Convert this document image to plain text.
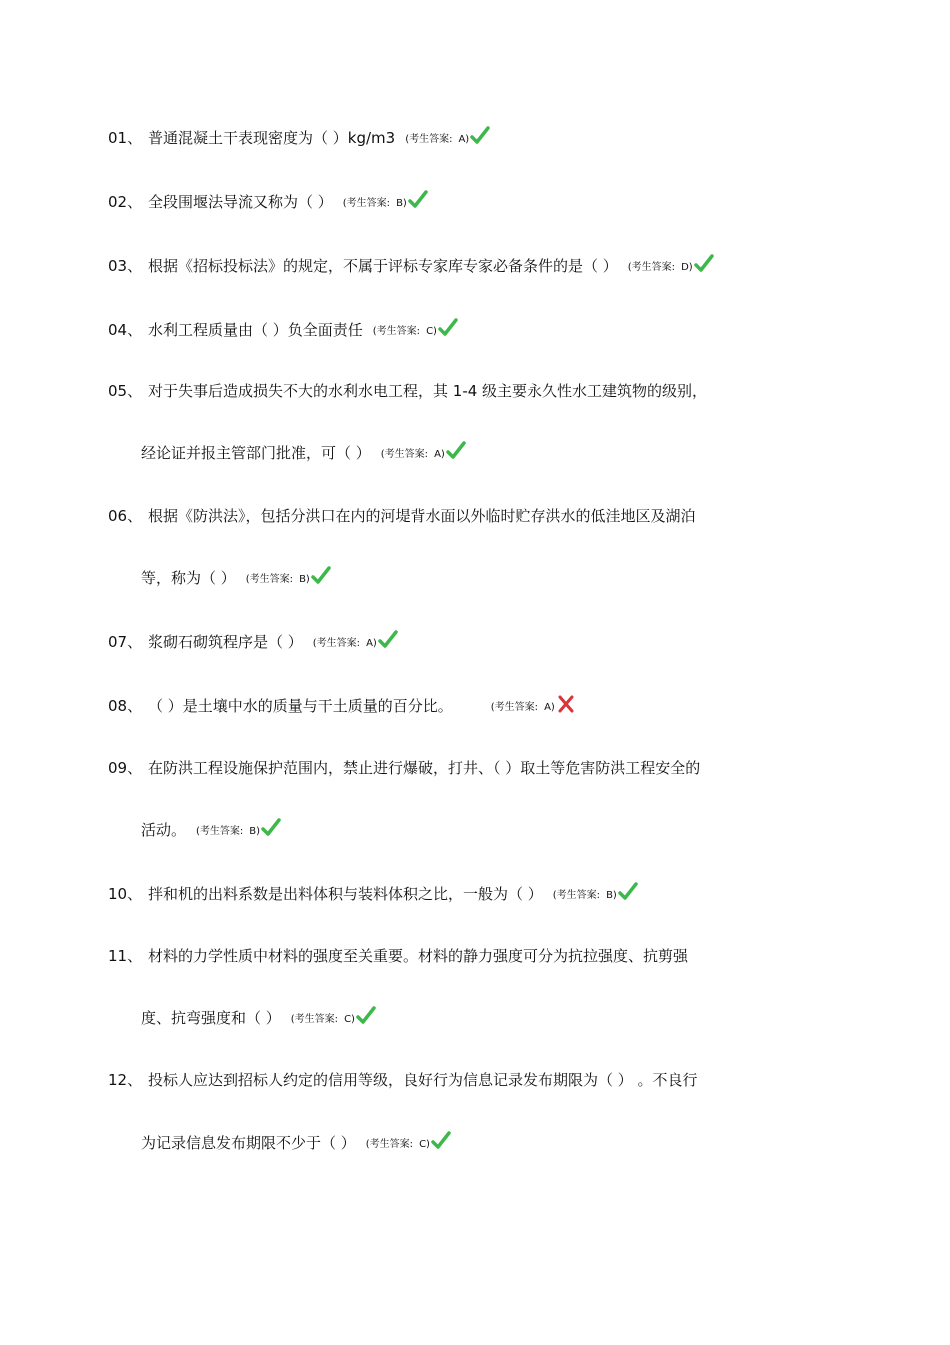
01、 普通混凝土干表现密度为（ ）kg/m3 (考生答案: A)
02、 全段围堰法导流又称为（ ） (考生答案: B)
03、 根据《招标投标法》的规定，不属于评标专家库专家必备条件的是（ ） (考生答案: D)
04、 水利工程质量由（ ）负全面责任 (考生答案: C)
05、 对于失事后造成损失不大的水利水电工程，其 1-4 级主要永久性水工建筑物的级别，
经论证并报主管部门批准，可（ ） (考生答案: A)
06、 根据《防洪法》，包括分洪口在内的河堤背水面以外临时贮存洪水的低洼地区及湖泊
等，称为（ ） (考生答案: B)
07、 浆砌石砌筑程序是（ ） (考生答案: A)
08、 （ ）是土壤中水的质量与干土质量的百分比。	(考生答案: A)
09、 在防洪工程设施保护范围内，禁止进行爆破，打井、（ ）取土等危害防洪工程安全的
活动。 (考生答案: B)
10、 拌和机的出料系数是出料体积与装料体积之比，一般为（ ） (考生答案: B)
11、 材料的力学性质中材料的强度至关重要。材料的静力强度可分为抗拉强度、抗剪强
度、抗弯强度和（ ） (考生答案: C)
12、 投标人应达到招标人约定的信用等级，良好行为信息记录发布期限为（ ） 。不良行
为记录信息发布期限不少于（ ） (考生答案: C)
